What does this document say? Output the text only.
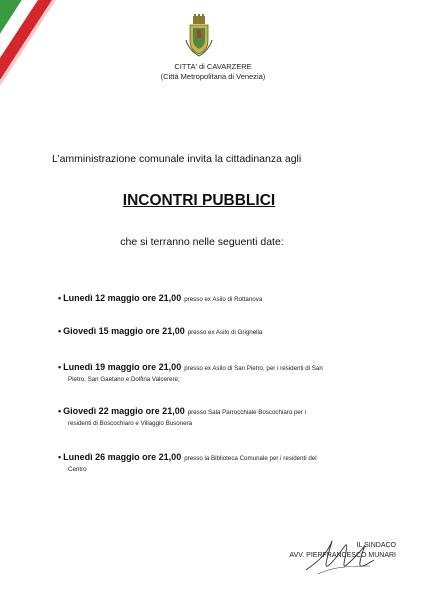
CITTA' di CAVARZERE
(Città Metropolitana di Venezia)
L’amministrazione comunale invita la cittadinanza agli
INCONTRI PUBBLICI
che si terranno nelle seguenti date:
• Lunedì 12 maggio ore 21,00 presso ex Asilo di Rottanova
• Giovedì 15 maggio ore 21,00 presso ex Asilo di Grignella
• Lunedì 19 maggio ore 21,00 presso ex Asilo di San Pietro, per i residenti di San
Pietro, San Gaetano e Dolfina Valcerere;
• Giovedì 22 maggio ore 21,00 presso Sala Parrocchiale Boscochiaro per i
residenti di Boscochiaro e Villaggio Busonera
• Lunedì 26 maggio ore 21,00 presso la Biblioteca Comunale per i residenti del
Centro
IL SINDACO
AVV. PIERFRANCESCO MUNARI
